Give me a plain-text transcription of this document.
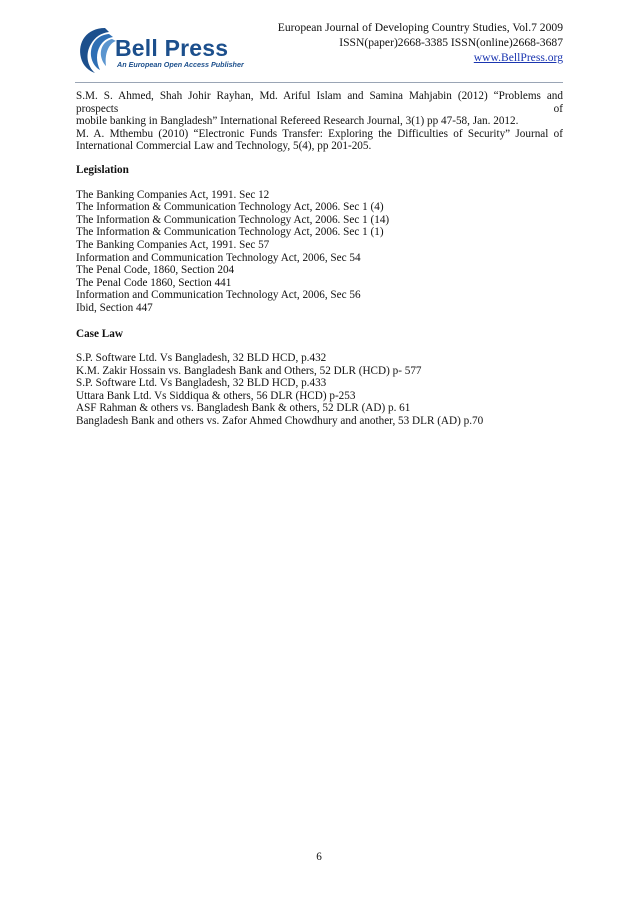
Bell Press
An European Open Access Publisher
European Journal of Developing Country Studies, Vol.7 2009
ISSN(paper)2668-3385 ISSN(online)2668-3687
www.BellPress.org

S.M. S. Ahmed, Shah Johir Rayhan, Md. Ariful Islam and Samina Mahjabin (2012) “Problems and prospects of
mobile banking in Bangladesh” International Refereed Research Journal, 3(1) pp 47-58, Jan. 2012.

M. A. Mthembu (2010) “Electronic Funds Transfer: Exploring the Difficulties of Security” Journal of
International Commercial Law and Technology, 5(4), pp 201-205.

Legislation

The Banking Companies Act, 1991. Sec 12
The Information & Communication Technology Act, 2006. Sec 1 (4)
The Information & Communication Technology Act, 2006. Sec 1 (14)
The Information & Communication Technology Act, 2006. Sec 1 (1)
The Banking Companies Act, 1991. Sec 57
Information and Communication Technology Act, 2006, Sec 54
The Penal Code, 1860, Section 204
The Penal Code 1860, Section 441
Information and Communication Technology Act, 2006, Sec 56
Ibid, Section 447

Case Law

S.P. Software Ltd. Vs Bangladesh, 32 BLD HCD, p.432
K.M. Zakir Hossain vs. Bangladesh Bank and Others, 52 DLR (HCD) p- 577
S.P. Software Ltd. Vs Bangladesh, 32 BLD HCD, p.433
Uttara Bank Ltd. Vs Siddiqua & others, 56 DLR (HCD) p-253
ASF Rahman & others vs. Bangladesh Bank & others, 52 DLR (AD) p. 61
Bangladesh Bank and others vs. Zafor Ahmed Chowdhury and another, 53 DLR (AD) p.70
6
